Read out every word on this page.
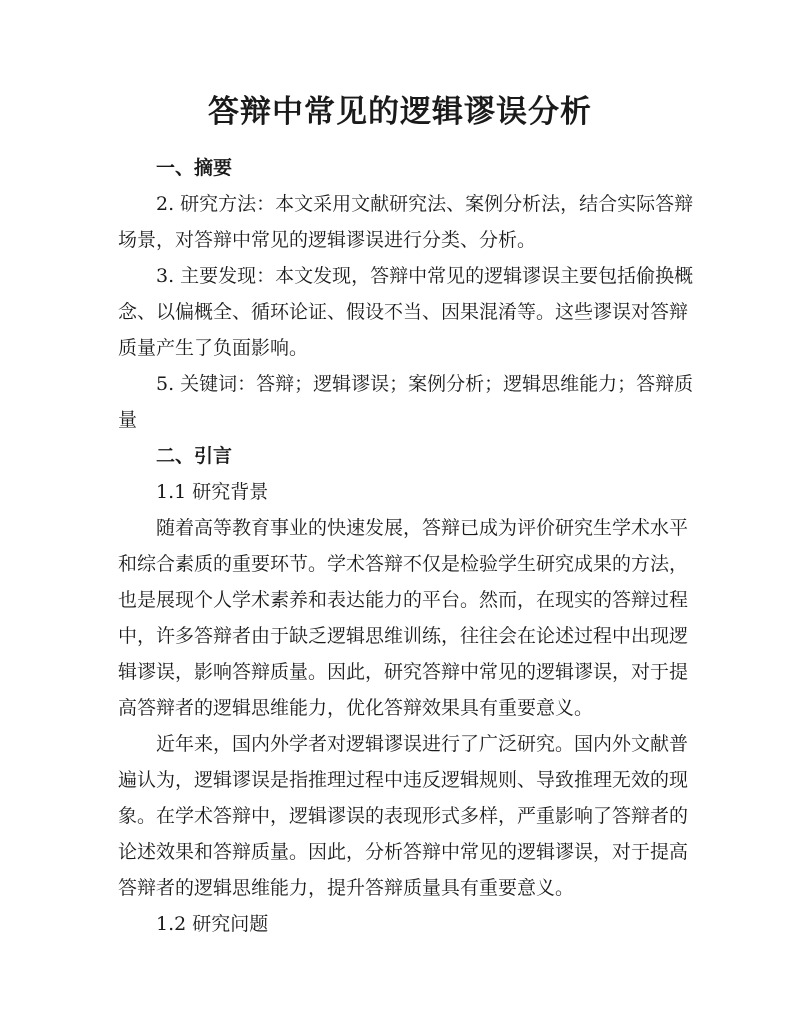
答辩中常见的逻辑谬误分析

一、摘要

2. 研究方法：本文采用文献研究法、案例分析法，结合实际答辩

场景，对答辩中常见的逻辑谬误进行分类、分析。

3. 主要发现：本文发现，答辩中常见的逻辑谬误主要包括偷换概

念、以偏概全、循环论证、假设不当、因果混淆等。这些谬误对答辩

质量产生了负面影响。

5. 关键词：答辩；逻辑谬误；案例分析；逻辑思维能力；答辩质

量

二、引言

1.1 研究背景

随着高等教育事业的快速发展，答辩已成为评价研究生学术水平

和综合素质的重要环节。学术答辩不仅是检验学生研究成果的方法，

也是展现个人学术素养和表达能力的平台。然而，在现实的答辩过程

中，许多答辩者由于缺乏逻辑思维训练，往往会在论述过程中出现逻

辑谬误，影响答辩质量。因此，研究答辩中常见的逻辑谬误，对于提

高答辩者的逻辑思维能力，优化答辩效果具有重要意义。

近年来，国内外学者对逻辑谬误进行了广泛研究。国内外文献普

遍认为，逻辑谬误是指推理过程中违反逻辑规则、导致推理无效的现

象。在学术答辩中，逻辑谬误的表现形式多样，严重影响了答辩者的

论述效果和答辩质量。因此，分析答辩中常见的逻辑谬误，对于提高

答辩者的逻辑思维能力，提升答辩质量具有重要意义。

1.2 研究问题
